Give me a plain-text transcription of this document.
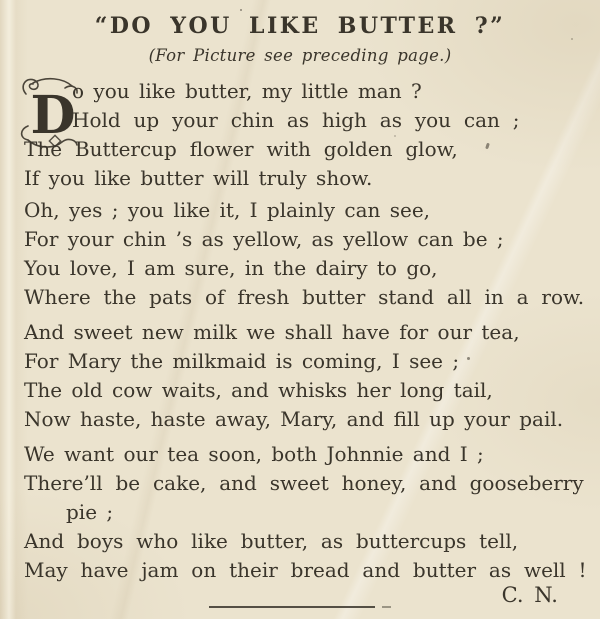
“DO YOU LIKE BUTTER ?”
(For Picture see preceding page.)
D
o you like butter, my little man ?
Hold up your chin as high as you can ;
The Buttercup flower with golden glow,
If you like butter will truly show.
Oh, yes ; you like it, I plainly can see,
For your chin ’s as yellow, as yellow can be ;
You love, I am sure, in the dairy to go,
Where the pats of fresh butter stand all in a row.
And sweet new milk we shall have for our tea,
For Mary the milkmaid is coming, I see ;
The old cow waits, and whisks her long tail,
Now haste, haste away, Mary, and fill up your pail.
We want our tea soon, both Johnnie and I ;
There’ll be cake, and sweet honey, and gooseberry
pie ;
And boys who like butter, as buttercups tell,
May have jam on their bread and butter as well !
C. N.
